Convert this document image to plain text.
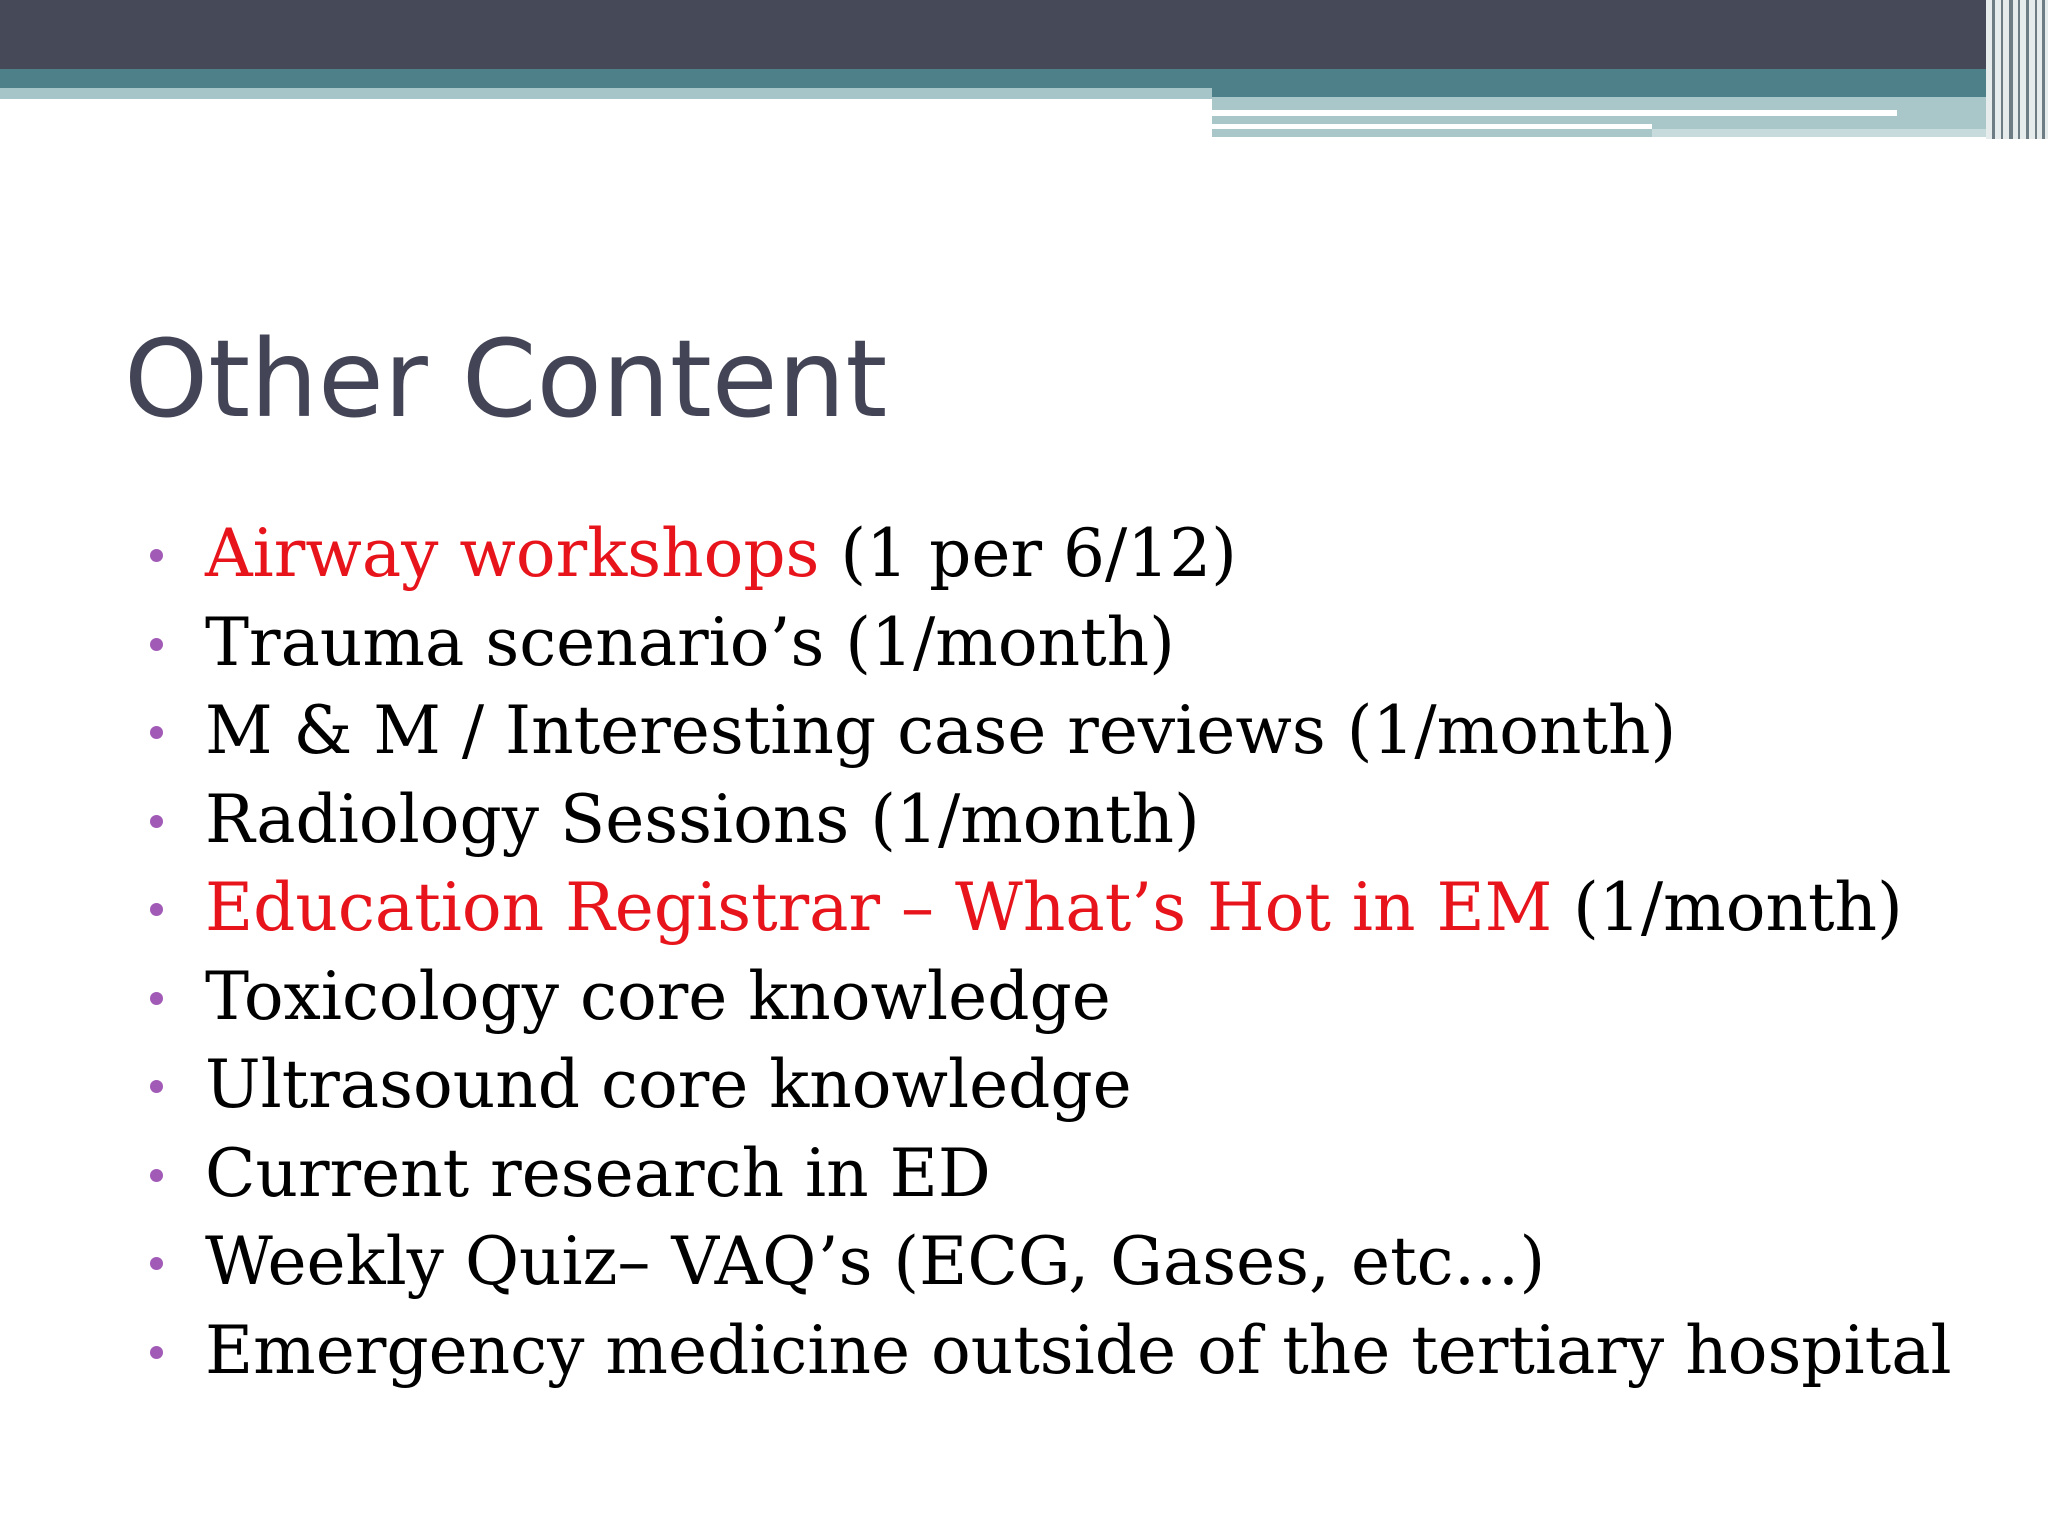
Other Content
Airway workshops (1 per 6/12)
Trauma scenario’s (1/month)
M & M / Interesting case reviews (1/month)
Radiology Sessions (1/month)
Education Registrar – What’s Hot in EM (1/month)
Toxicology core knowledge
Ultrasound core knowledge
Current research in ED
Weekly Quiz– VAQ’s (ECG, Gases, etc…)
Emergency medicine outside of the tertiary hospital
